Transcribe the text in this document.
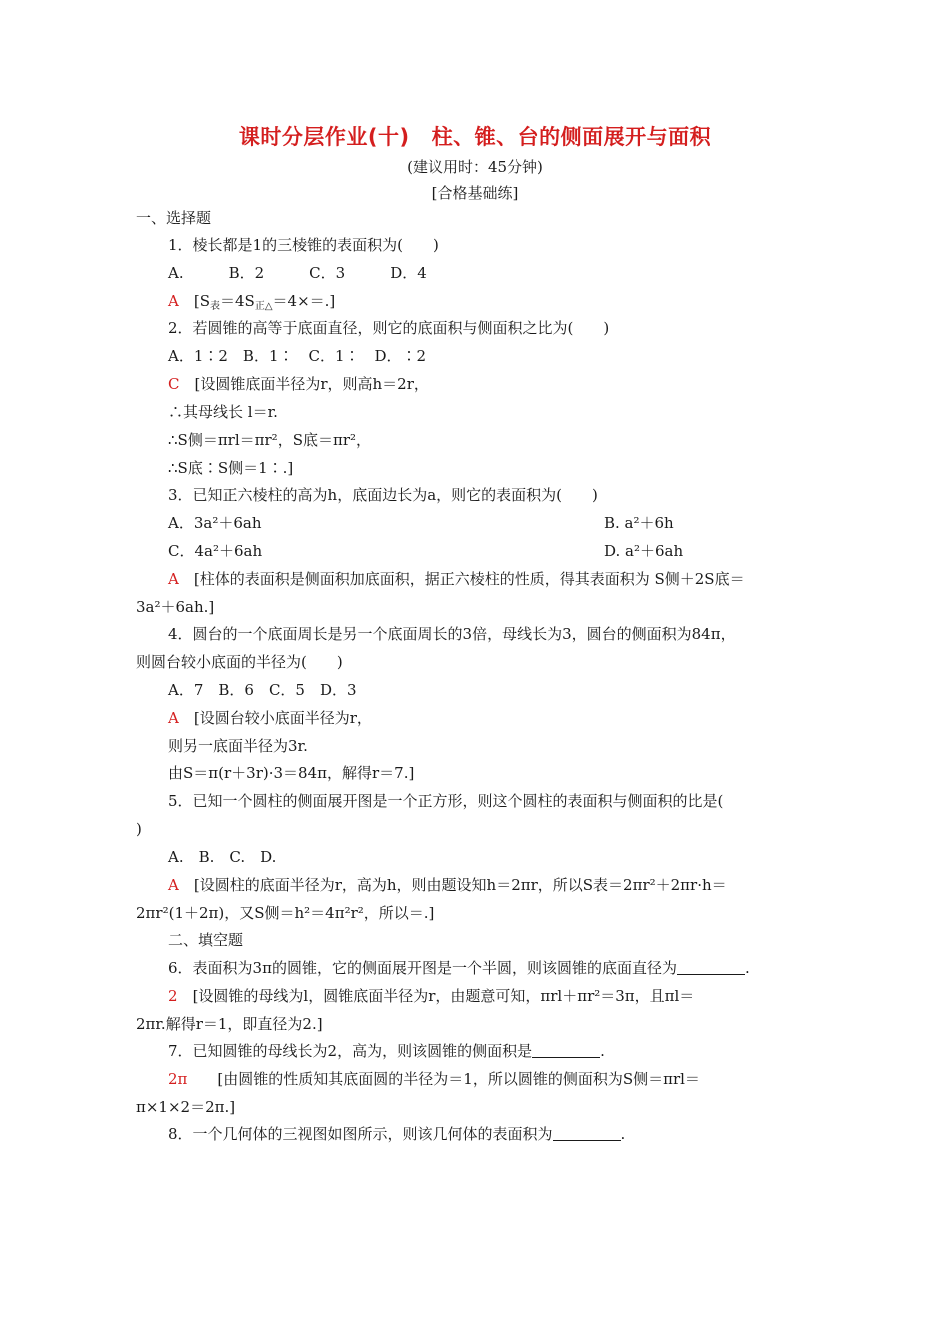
课时分层作业(十) 柱、锥、台的侧面展开与面积
(建议用时：45分钟)
[合格基础练]
一、选择题
1．棱长都是1的三棱锥的表面积为(　　)
A.　　　B．2　　　C．3　　　D．4
A　 $[S_表=4S_{正\triangle}=4\times=.]$
2．若圆锥的高等于底面直径，则它的底面积与侧面积之比为(　　)
A．1∶2　B．1∶　C．1∶　D．∶2
C　 [设圆锥底面半径为r，则高h＝2r，
∴其母线长 l＝r.
∴S侧＝πrl＝πr²，S底＝πr²，
∴S底∶S侧＝1∶.]
3．已知正六棱柱的高为h，底面边长为a，则它的表面积为(　　)
A．3a²＋6ah	B. a²＋6h
C．4a²＋6ah	D. a²＋6ah
A　 [柱体的表面积是侧面积加底面积，据正六棱柱的性质，得其表面积为 S侧＋2S底＝
3a²＋6ah.]
4．圆台的一个底面周长是另一个底面周长的3倍，母线长为3，圆台的侧面积为84π，
则圆台较小底面的半径为(　　)
A．7　B．6　C．5　D．3
A　 [设圆台较小底面半径为r，
则另一底面半径为3r.
由S＝π(r＋3r)·3＝84π，解得r＝7.]
5．已知一个圆柱的侧面展开图是一个正方形，则这个圆柱的表面积与侧面积的比是(
)
A.　B.　C.　D.
A　 [设圆柱的底面半径为r，高为h，则由题设知h＝2πr，所以S表＝2πr²＋2πr·h＝
2πr²(1＋2π)，又S侧＝h²＝4π²r²，所以＝.]
二、填空题
6．表面积为3π的圆锥，它的侧面展开图是一个半圆，则该圆锥的底面直径为	.
2　 [设圆锥的母线为l，圆锥底面半径为r，由题意可知，πrl＋πr²＝3π，且πl＝
2πr.解得r＝1，即直径为2.]
7．已知圆锥的母线长为2，高为，则该圆锥的侧面积是	.
2π　　 [由圆锥的性质知其底面圆的半径为＝1，所以圆锥的侧面积为S侧＝πrl＝
π×1×2＝2π.]
8．一个几何体的三视图如图所示，则该几何体的表面积为	.
